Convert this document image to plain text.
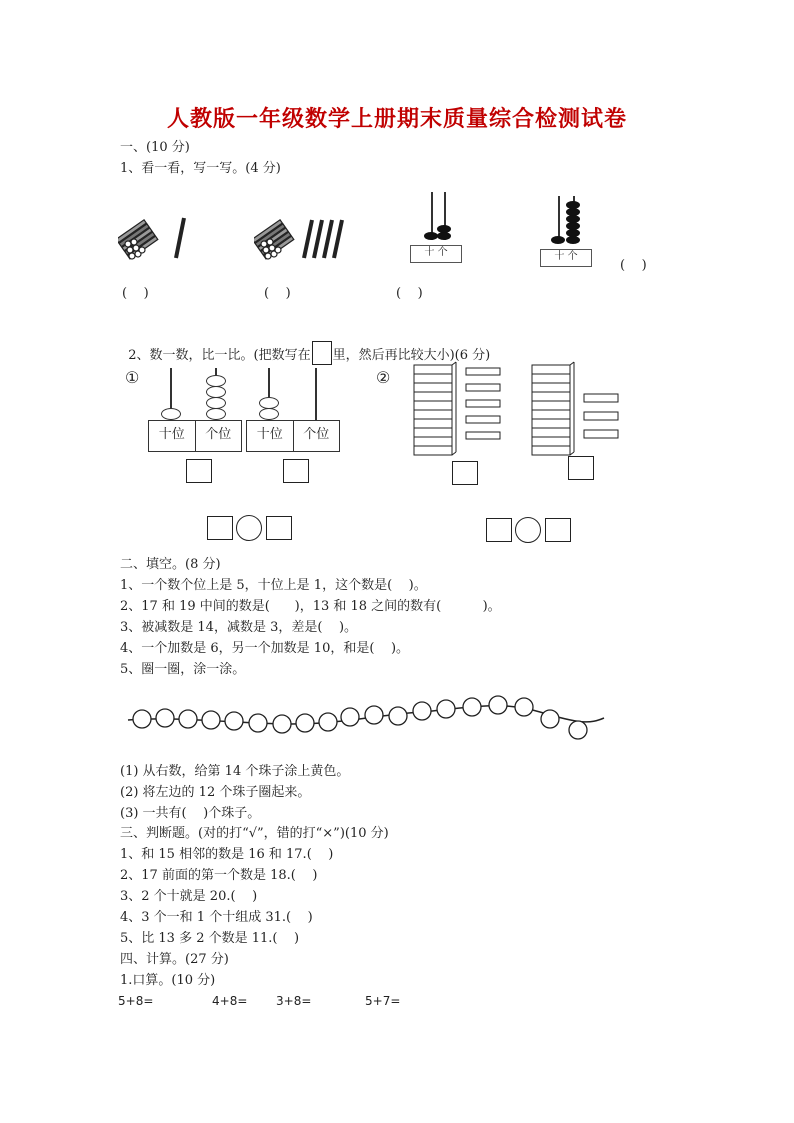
人教版一年级数学上册期末质量综合检测试卷
一、(10 分)
1、看一看，写一写。(4 分)
十 个	十 个
(    )	(    )	(    )
(    )

2、数一数，比一比。(把数写在 里，然后再比较大小)(6 分)

①
十位	个位	十位	个位
②
二、填空。(8 分)
1、一个数个位上是 5，十位上是 1，这个数是(    )。
2、17 和 19 中间的数是(      )，13 和 18 之间的数有(          )。
3、被减数是 14，减数是 3，差是(    )。
4、一个加数是 6，另一个加数是 10，和是(    )。
5、圈一圈，涂一涂。
(1) 从右数，给第 14 个珠子涂上黄色。
(2) 将左边的 12 个珠子圈起来。
(3) 一共有(    )个珠子。
三、判断题。(对的打“√”，错的打“×”)(10 分)
1、和 15 相邻的数是 16 和 17.(    )
2、17 前面的第一个数是 18.(    )
3、2 个十就是 20.(    )
4、3 个一和 1 个十组成 31.(    )
5、比 13 多 2 个数是 11.(    )
四、计算。(27 分)
1.口算。(10 分)
5+8=	4+8= 3+8=	5+7=
